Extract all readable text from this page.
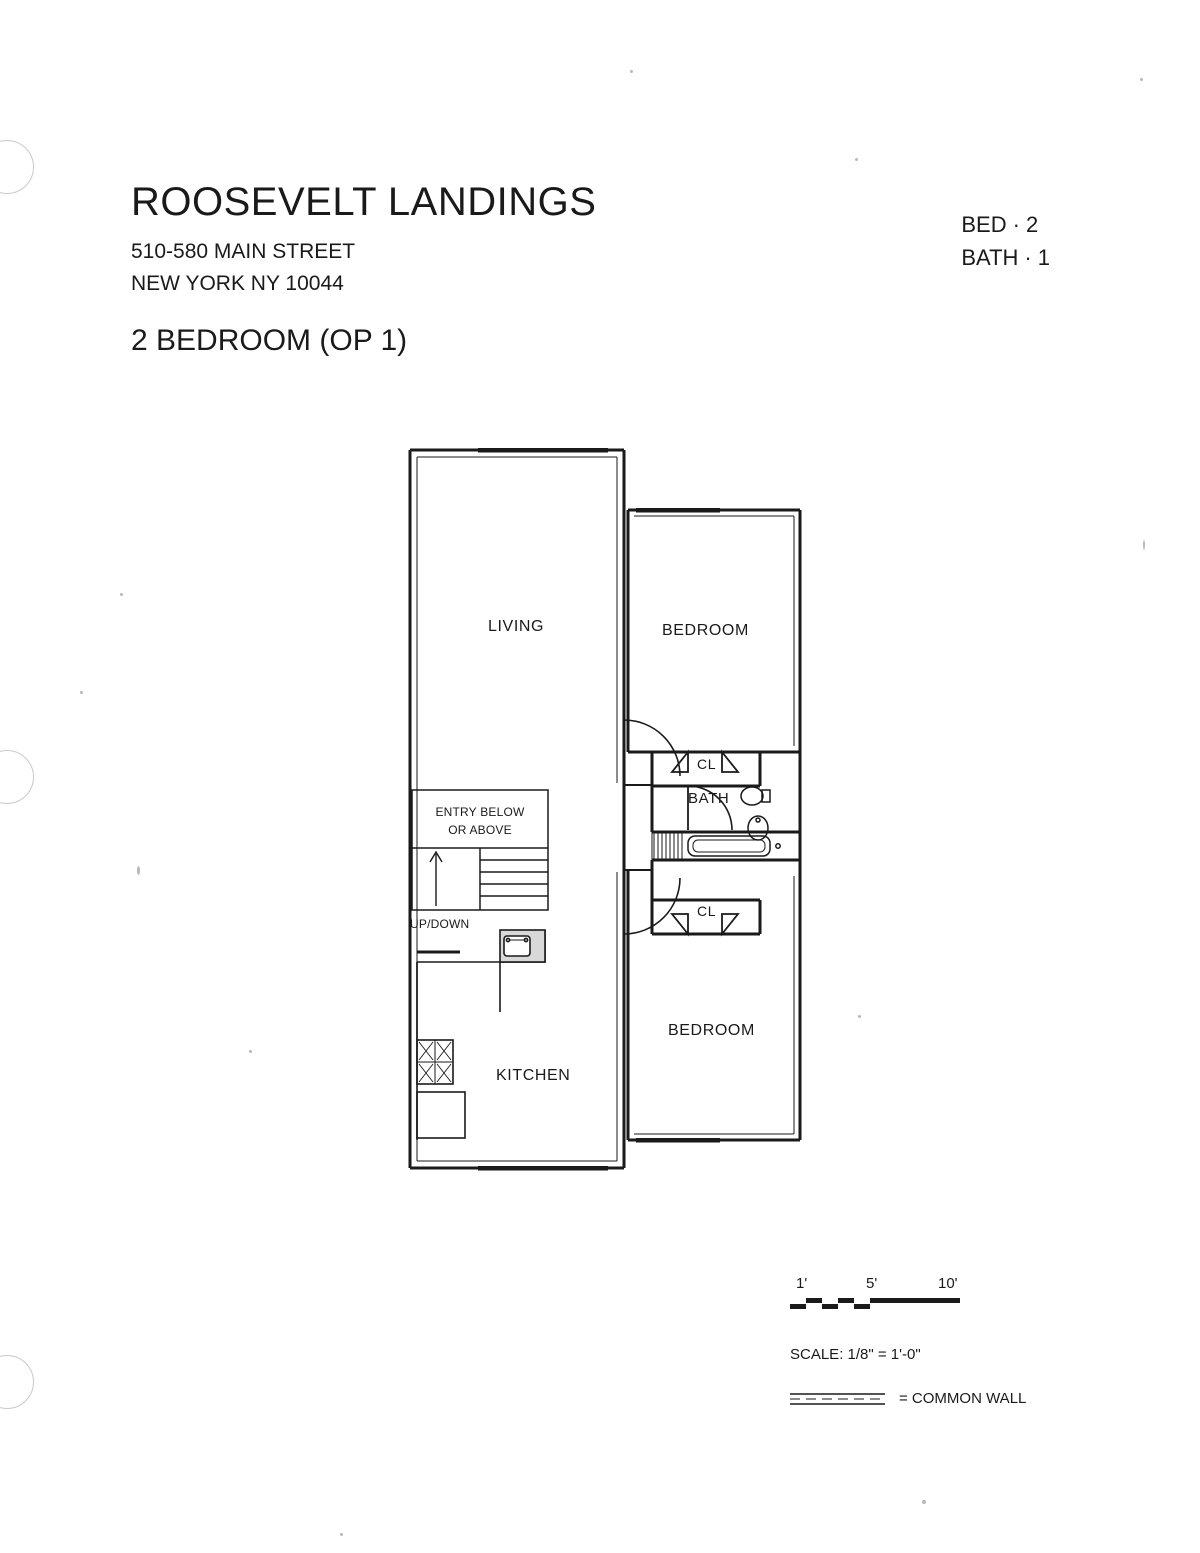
ROOSEVELT LANDINGS
510-580 MAIN STREET
NEW YORK NY 10044
2 BEDROOM (OP 1)
BED · 2
BATH · 1
LIVING	BEDROOM
BEDROOM
KITCHEN
BATH
CL
CL
ENTRY BELOW
OR ABOVE
UP/DOWN
1'	5'	10'
SCALE: 1/8" = 1'-0"
= COMMON WALL
